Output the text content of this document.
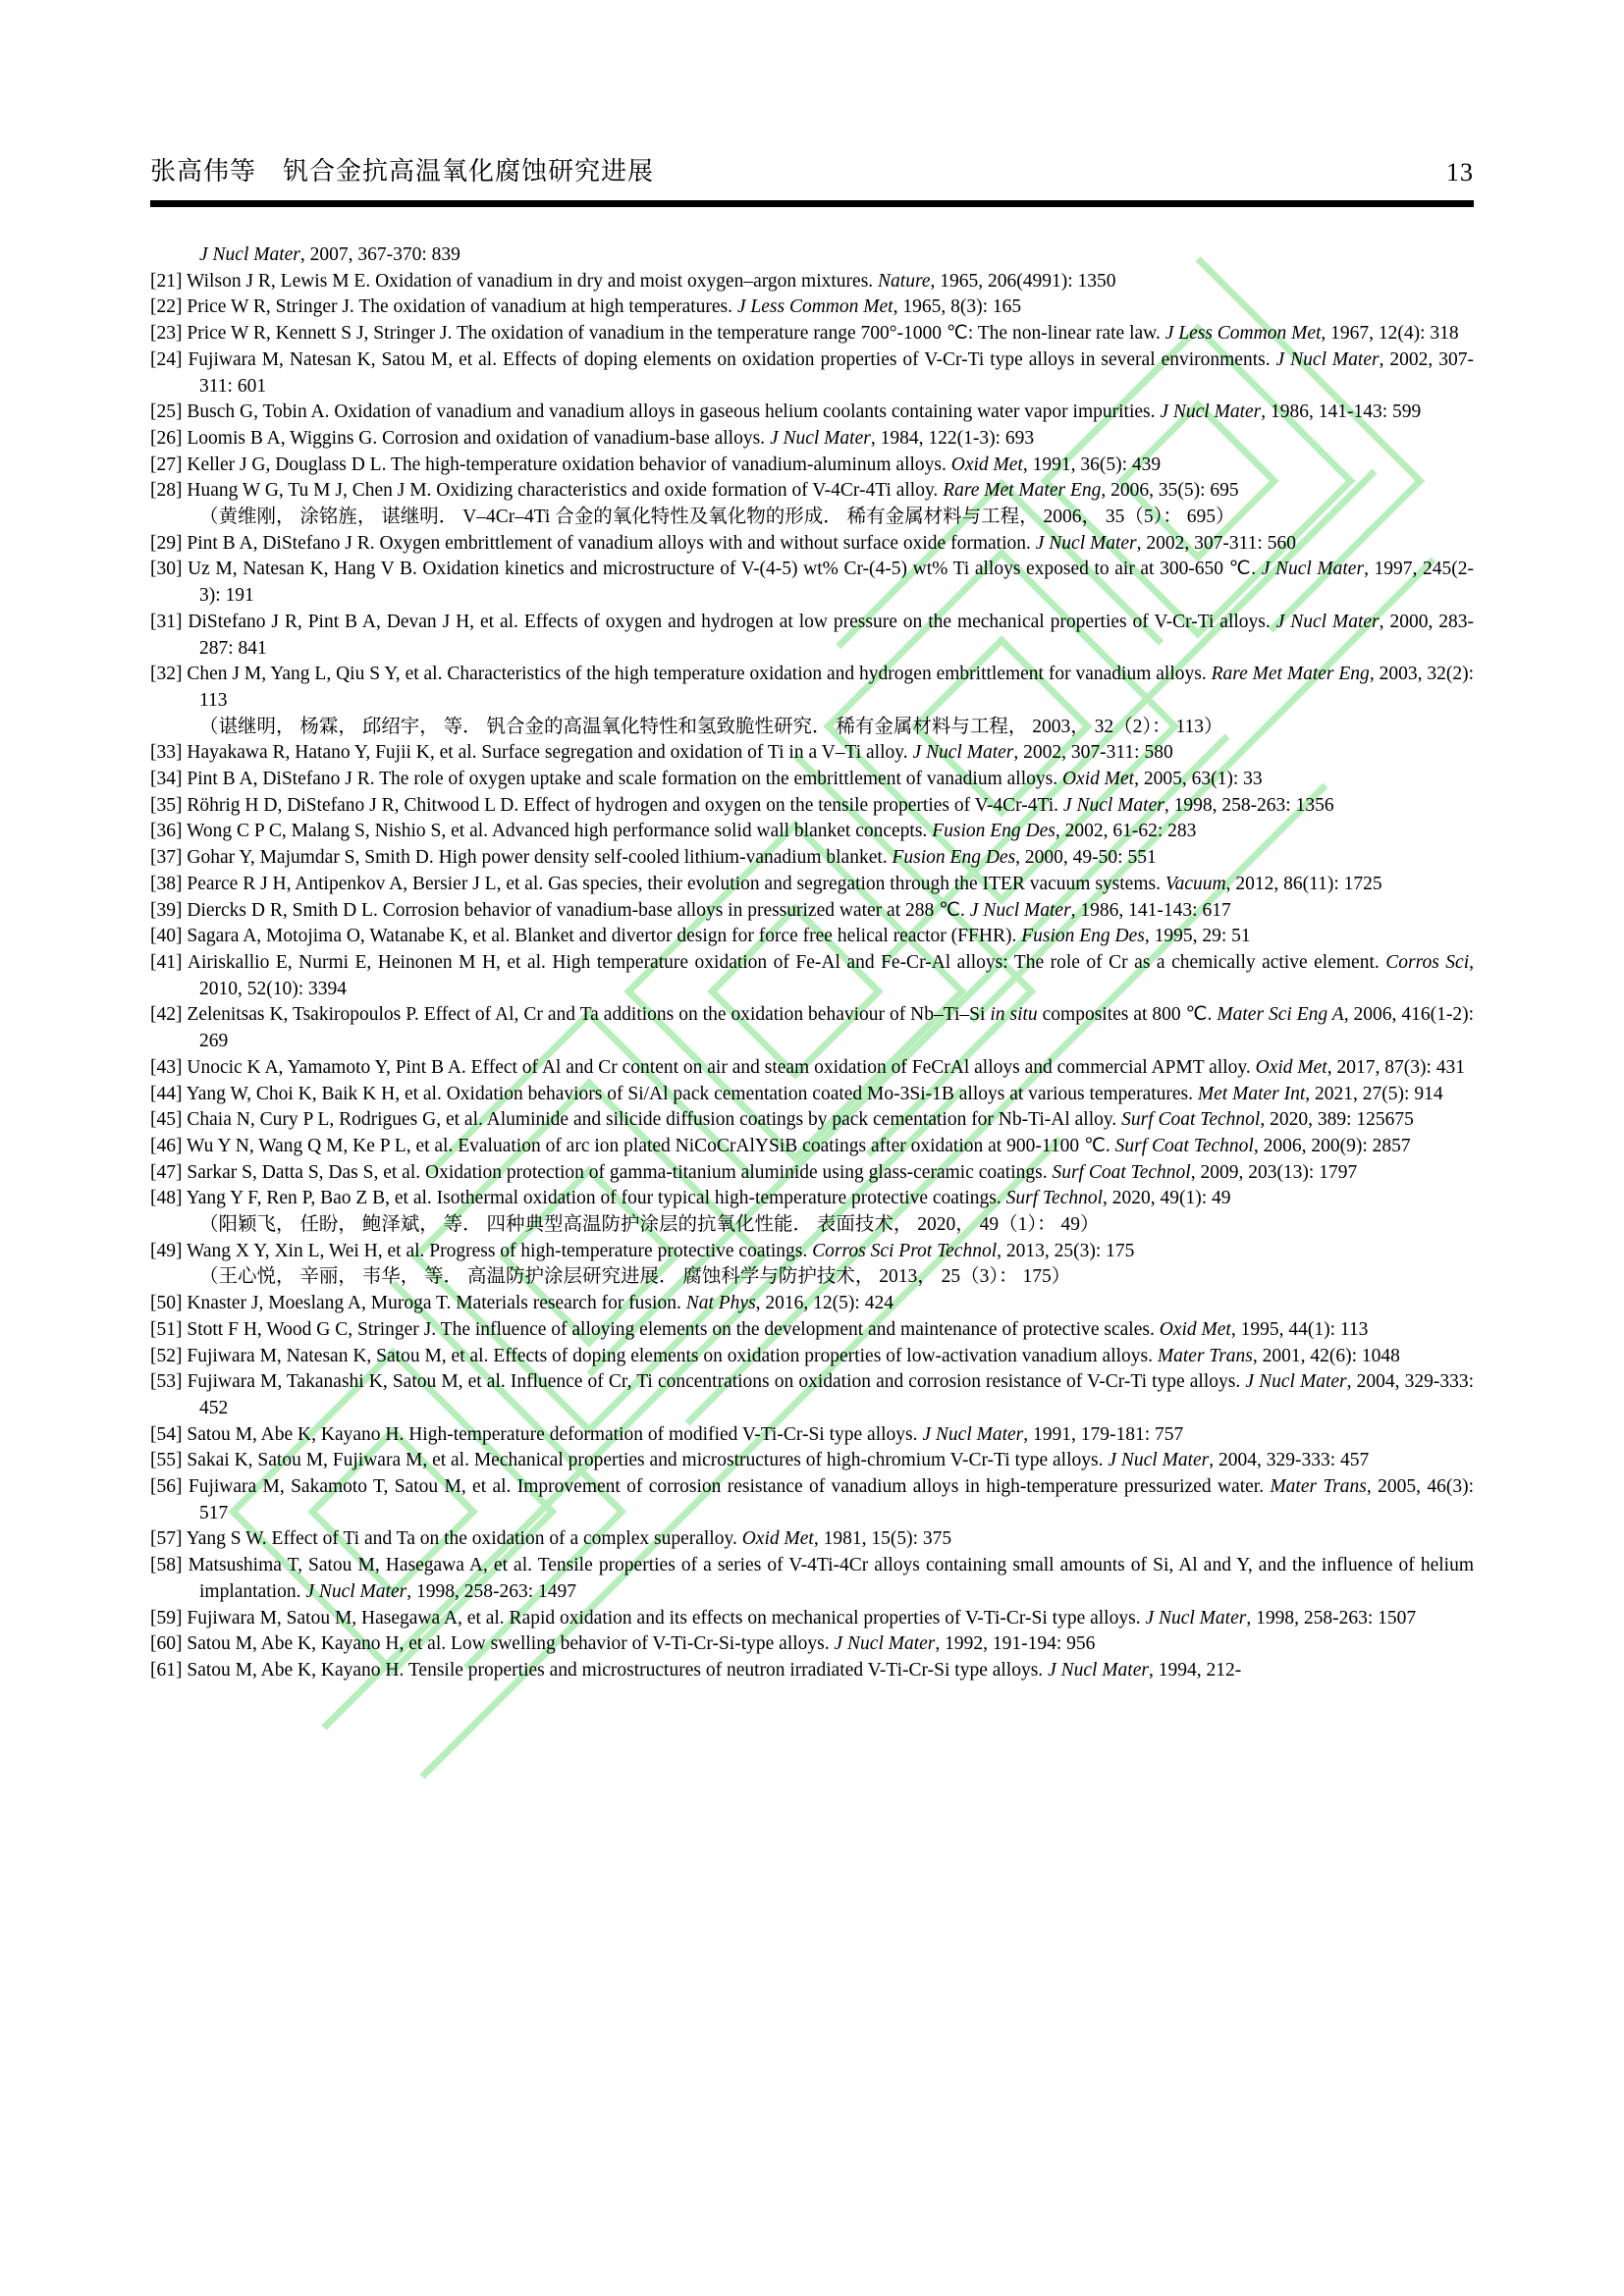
张高伟等　钒合金抗高温氧化腐蚀研究进展	13
J Nucl Mater, 2007, 367-370: 839
[21] Wilson J R, Lewis M E. Oxidation of vanadium in dry and moist oxygen–argon mixtures. Nature, 1965, 206(4991): 1350
[22] Price W R, Stringer J. The oxidation of vanadium at high temperatures. J Less Common Met, 1965, 8(3): 165
[23] Price W R, Kennett S J, Stringer J. The oxidation of vanadium in the temperature range 700°-1000 ℃: The non-linear rate law. J Less Common Met, 1967, 12(4): 318
[24] Fujiwara M, Natesan K, Satou M, et al. Effects of doping elements on oxidation properties of V-Cr-Ti type alloys in several environments. J Nucl Mater, 2002, 307-311: 601
[25] Busch G, Tobin A. Oxidation of vanadium and vanadium alloys in gaseous helium coolants containing water vapor impurities. J Nucl Mater, 1986, 141-143: 599
[26] Loomis B A, Wiggins G. Corrosion and oxidation of vanadium-base alloys. J Nucl Mater, 1984, 122(1-3): 693
[27] Keller J G, Douglass D L. The high-temperature oxidation behavior of vanadium-aluminum alloys. Oxid Met, 1991, 36(5): 439
[28] Huang W G, Tu M J, Chen J M. Oxidizing characteristics and oxide formation of V-4Cr-4Ti alloy. Rare Met Mater Eng, 2006, 35(5): 695
（黄维刚， 涂铭旌， 谌继明． V–4Cr–4Ti 合金的氧化特性及氧化物的形成． 稀有金属材料与工程， 2006， 35（5）： 695）
[29] Pint B A, DiStefano J R. Oxygen embrittlement of vanadium alloys with and without surface oxide formation. J Nucl Mater, 2002, 307-311: 560
[30] Uz M, Natesan K, Hang V B. Oxidation kinetics and microstructure of V-(4-5) wt% Cr-(4-5) wt% Ti alloys exposed to air at 300-650 ℃. J Nucl Mater, 1997, 245(2-3): 191
[31] DiStefano J R, Pint B A, Devan J H, et al. Effects of oxygen and hydrogen at low pressure on the mechanical properties of V-Cr-Ti alloys. J Nucl Mater, 2000, 283-287: 841
[32] Chen J M, Yang L, Qiu S Y, et al. Characteristics of the high temperature oxidation and hydrogen embrittlement for vanadium alloys. Rare Met Mater Eng, 2003, 32(2): 113
（谌继明， 杨霖， 邱绍宇， 等． 钒合金的高温氧化特性和氢致脆性研究． 稀有金属材料与工程， 2003， 32（2）： 113）
[33] Hayakawa R, Hatano Y, Fujii K, et al. Surface segregation and oxidation of Ti in a V–Ti alloy. J Nucl Mater, 2002, 307-311: 580
[34] Pint B A, DiStefano J R. The role of oxygen uptake and scale formation on the embrittlement of vanadium alloys. Oxid Met, 2005, 63(1): 33
[35] Röhrig H D, DiStefano J R, Chitwood L D. Effect of hydrogen and oxygen on the tensile properties of V-4Cr-4Ti. J Nucl Mater, 1998, 258-263: 1356
[36] Wong C P C, Malang S, Nishio S, et al. Advanced high performance solid wall blanket concepts. Fusion Eng Des, 2002, 61-62: 283
[37] Gohar Y, Majumdar S, Smith D. High power density self-cooled lithium-vanadium blanket. Fusion Eng Des, 2000, 49-50: 551
[38] Pearce R J H, Antipenkov A, Bersier J L, et al. Gas species, their evolution and segregation through the ITER vacuum systems. Vacuum, 2012, 86(11): 1725
[39] Diercks D R, Smith D L. Corrosion behavior of vanadium-base alloys in pressurized water at 288 ℃. J Nucl Mater, 1986, 141-143: 617
[40] Sagara A, Motojima O, Watanabe K, et al. Blanket and divertor design for force free helical reactor (FFHR). Fusion Eng Des, 1995, 29: 51
[41] Airiskallio E, Nurmi E, Heinonen M H, et al. High temperature oxidation of Fe-Al and Fe-Cr-Al alloys: The role of Cr as a chemically active element. Corros Sci, 2010, 52(10): 3394
[42] Zelenitsas K, Tsakiropoulos P. Effect of Al, Cr and Ta additions on the oxidation behaviour of Nb–Ti–Si in situ composites at 800 ℃. Mater Sci Eng A, 2006, 416(1-2): 269
[43] Unocic K A, Yamamoto Y, Pint B A. Effect of Al and Cr content on air and steam oxidation of FeCrAl alloys and commercial APMT alloy. Oxid Met, 2017, 87(3): 431
[44] Yang W, Choi K, Baik K H, et al. Oxidation behaviors of Si/Al pack cementation coated Mo-3Si-1B alloys at various temperatures. Met Mater Int, 2021, 27(5): 914
[45] Chaia N, Cury P L, Rodrigues G, et al. Aluminide and silicide diffusion coatings by pack cementation for Nb-Ti-Al alloy. Surf Coat Technol, 2020, 389: 125675
[46] Wu Y N, Wang Q M, Ke P L, et al. Evaluation of arc ion plated NiCoCrAlYSiB coatings after oxidation at 900-1100 ℃. Surf Coat Technol, 2006, 200(9): 2857
[47] Sarkar S, Datta S, Das S, et al. Oxidation protection of gamma-titanium aluminide using glass-ceramic coatings. Surf Coat Technol, 2009, 203(13): 1797
[48] Yang Y F, Ren P, Bao Z B, et al. Isothermal oxidation of four typical high-temperature protective coatings. Surf Technol, 2020, 49(1): 49
（阳颖飞， 任盼， 鲍泽斌， 等． 四种典型高温防护涂层的抗氧化性能． 表面技术， 2020， 49（1）： 49）
[49] Wang X Y, Xin L, Wei H, et al. Progress of high-temperature protective coatings. Corros Sci Prot Technol, 2013, 25(3): 175
（王心悦， 辛丽， 韦华， 等． 高温防护涂层研究进展． 腐蚀科学与防护技术， 2013， 25（3）： 175）
[50] Knaster J, Moeslang A, Muroga T. Materials research for fusion. Nat Phys, 2016, 12(5): 424
[51] Stott F H, Wood G C, Stringer J. The influence of alloying elements on the development and maintenance of protective scales. Oxid Met, 1995, 44(1): 113
[52] Fujiwara M, Natesan K, Satou M, et al. Effects of doping elements on oxidation properties of low-activation vanadium alloys. Mater Trans, 2001, 42(6): 1048
[53] Fujiwara M, Takanashi K, Satou M, et al. Influence of Cr, Ti concentrations on oxidation and corrosion resistance of V-Cr-Ti type alloys. J Nucl Mater, 2004, 329-333: 452
[54] Satou M, Abe K, Kayano H. High-temperature deformation of modified V-Ti-Cr-Si type alloys. J Nucl Mater, 1991, 179-181: 757
[55] Sakai K, Satou M, Fujiwara M, et al. Mechanical properties and microstructures of high-chromium V-Cr-Ti type alloys. J Nucl Mater, 2004, 329-333: 457
[56] Fujiwara M, Sakamoto T, Satou M, et al. Improvement of corrosion resistance of vanadium alloys in high-temperature pressurized water. Mater Trans, 2005, 46(3): 517
[57] Yang S W. Effect of Ti and Ta on the oxidation of a complex superalloy. Oxid Met, 1981, 15(5): 375
[58] Matsushima T, Satou M, Hasegawa A, et al. Tensile properties of a series of V-4Ti-4Cr alloys containing small amounts of Si, Al and Y, and the influence of helium implantation. J Nucl Mater, 1998, 258-263: 1497
[59] Fujiwara M, Satou M, Hasegawa A, et al. Rapid oxidation and its effects on mechanical properties of V-Ti-Cr-Si type alloys. J Nucl Mater, 1998, 258-263: 1507
[60] Satou M, Abe K, Kayano H, et al. Low swelling behavior of V-Ti-Cr-Si-type alloys. J Nucl Mater, 1992, 191-194: 956
[61] Satou M, Abe K, Kayano H. Tensile properties and microstructures of neutron irradiated V-Ti-Cr-Si type alloys. J Nucl Mater, 1994, 212-
